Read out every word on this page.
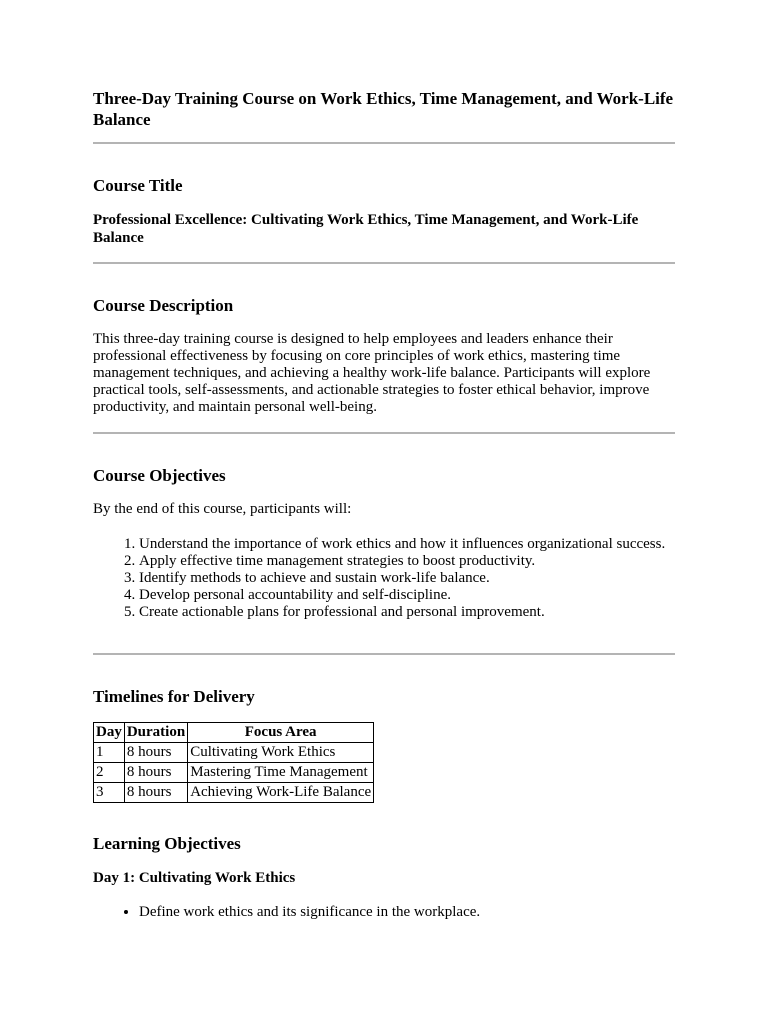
Three-Day Training Course on Work Ethics, Time Management, and Work-Life Balance
Course Title

Professional Excellence: Cultivating Work Ethics, Time Management, and Work-Life Balance

Course Description

This three-day training course is designed to help employees and leaders enhance their professional effectiveness by focusing on core principles of work ethics, mastering time management techniques, and achieving a healthy work-life balance. Participants will explore practical tools, self-assessments, and actionable strategies to foster ethical behavior, improve productivity, and maintain personal well-being.

Course Objectives

By the end of this course, participants will:

1. Understand the importance of work ethics and how it influences organizational success.
2. Apply effective time management strategies to boost productivity.
3. Identify methods to achieve and sustain work-life balance.
4. Develop personal accountability and self-discipline.
5. Create actionable plans for professional and personal improvement.
Timelines for Delivery
Day	Duration	Focus Area
1	8 hours	Cultivating Work Ethics
2	8 hours	Mastering Time Management
3	8 hours	Achieving Work-Life Balance
Learning Objectives

Day 1: Cultivating Work Ethics

• Define work ethics and its significance in the workplace.
